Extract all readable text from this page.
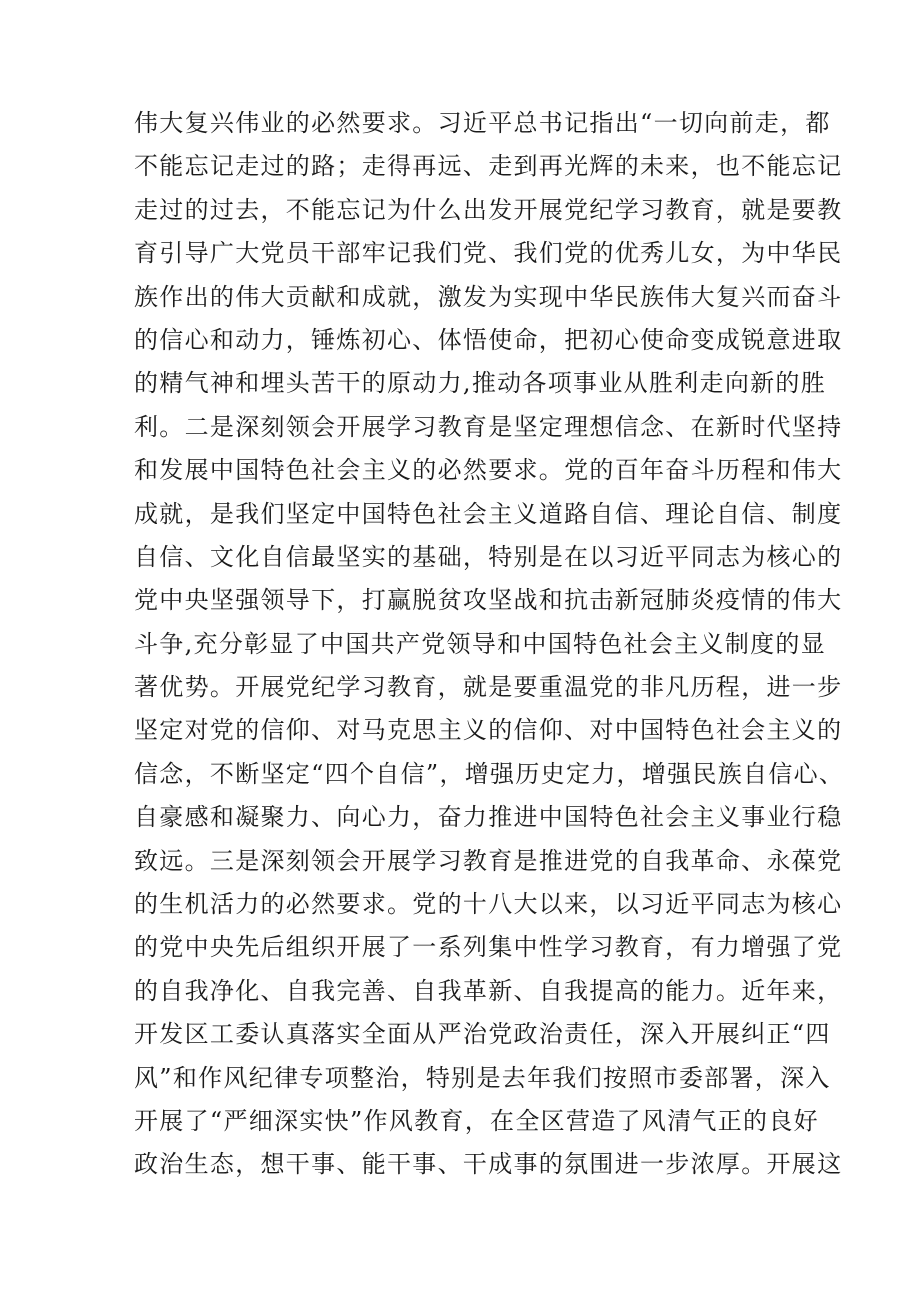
伟大复兴伟业的必然要求。习近平总书记指出“一切向前走，都
不能忘记走过的路；走得再远、走到再光辉的未来，也不能忘记
走过的过去，不能忘记为什么出发开展党纪学习教育，就是要教
育引导广大党员干部牢记我们党、我们党的优秀儿女，为中华民
族作出的伟大贡献和成就，激发为实现中华民族伟大复兴而奋斗
的信心和动力，锤炼初心、体悟使命，把初心使命变成锐意进取
的精气神和埋头苦干的原动力,推动各项事业从胜利走向新的胜
利。二是深刻领会开展学习教育是坚定理想信念、在新时代坚持
和发展中国特色社会主义的必然要求。党的百年奋斗历程和伟大
成就，是我们坚定中国特色社会主义道路自信、理论自信、制度
自信、文化自信最坚实的基础，特别是在以习近平同志为核心的
党中央坚强领导下，打赢脱贫攻坚战和抗击新冠肺炎疫情的伟大
斗争,充分彰显了中国共产党领导和中国特色社会主义制度的显
著优势。开展党纪学习教育，就是要重温党的非凡历程，进一步
坚定对党的信仰、对马克思主义的信仰、对中国特色社会主义的
信念，不断坚定“四个自信”，增强历史定力，增强民族自信心、
自豪感和凝聚力、向心力，奋力推进中国特色社会主义事业行稳
致远。三是深刻领会开展学习教育是推进党的自我革命、永葆党
的生机活力的必然要求。党的十八大以来，以习近平同志为核心
的党中央先后组织开展了一系列集中性学习教育，有力增强了党
的自我净化、自我完善、自我革新、自我提高的能力。近年来，
开发区工委认真落实全面从严治党政治责任，深入开展纠正“四
风”和作风纪律专项整治，特别是去年我们按照市委部署，深入
开展了“严细深实快”作风教育，在全区营造了风清气正的良好
政治生态，想干事、能干事、干成事的氛围进一步浓厚。开展这
